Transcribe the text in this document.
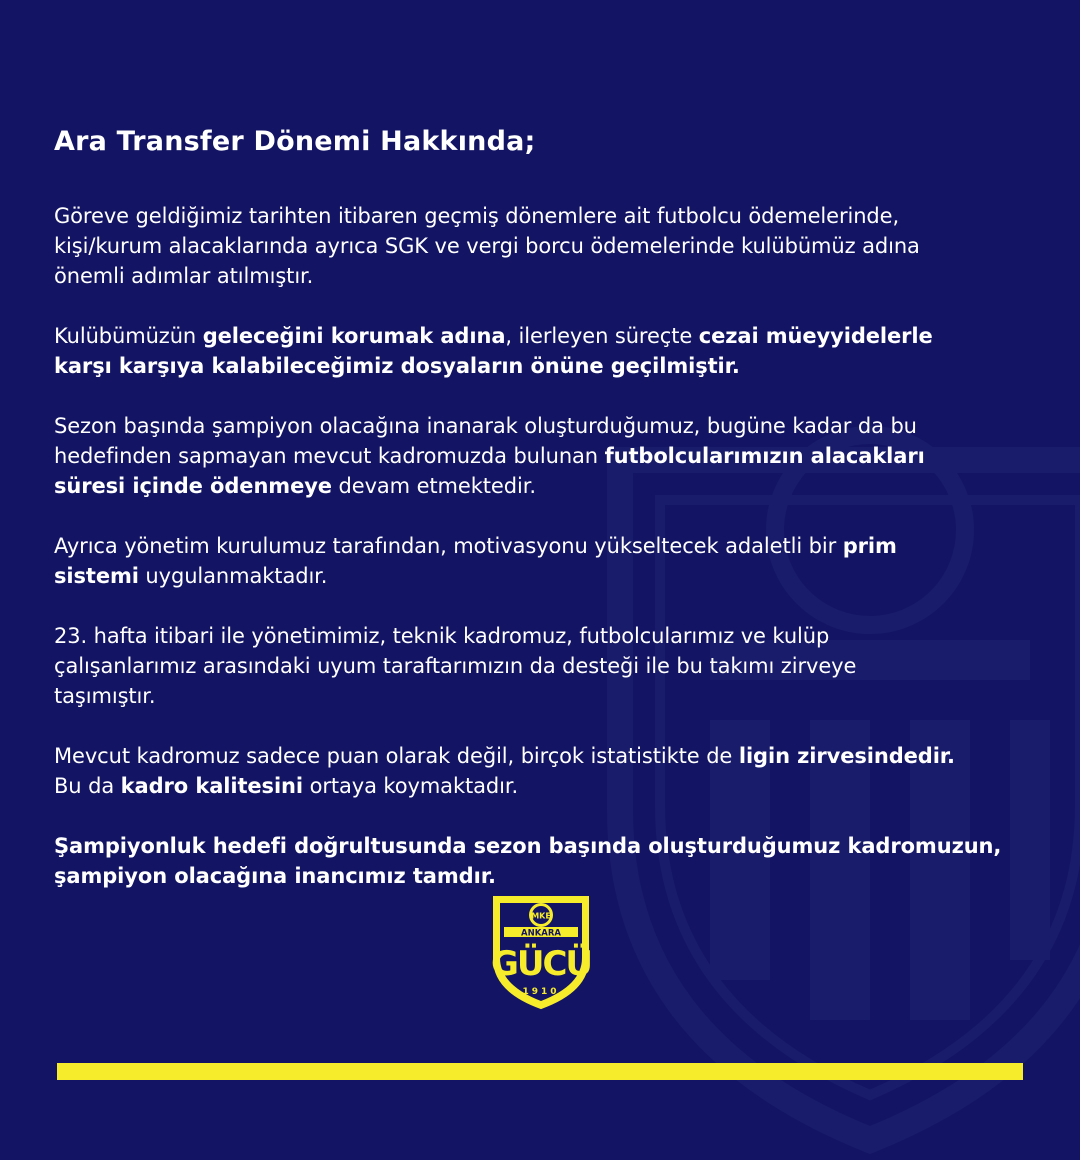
Ara Transfer Dönemi Hakkında;
Göreve geldiğimiz tarihten itibaren geçmiş dönemlere ait futbolcu ödemelerinde,
kişi/kurum alacaklarında ayrıca SGK ve vergi borcu ödemelerinde kulübümüz adına
önemli adımlar atılmıştır.
Kulübümüzün geleceğini korumak adına, ilerleyen süreçte cezai müeyyidelerle
karşı karşıya kalabileceğimiz dosyaların önüne geçilmiştir.
Sezon başında şampiyon olacağına inanarak oluşturduğumuz, bugüne kadar da bu
hedefinden sapmayan mevcut kadromuzda bulunan futbolcularımızın alacakları
süresi içinde ödenmeye devam etmektedir.
Ayrıca yönetim kurulumuz tarafından, motivasyonu yükseltecek adaletli bir prim
sistemi uygulanmaktadır.
23. hafta itibari ile yönetimimiz, teknik kadromuz, futbolcularımız ve kulüp
çalışanlarımız arasındaki uyum taraftarımızın da desteği ile bu takımı zirveye
taşımıştır.
Mevcut kadromuz sadece puan olarak değil, birçok istatistikte de ligin zirvesindedir.
Bu da kadro kalitesini ortaya koymaktadır.
Şampiyonluk hedefi doğrultusunda sezon başında oluşturduğumuz kadromuzun,
şampiyon olacağına inancımız tamdır.
MKE
ANKARA
GÜCÜ
1910
